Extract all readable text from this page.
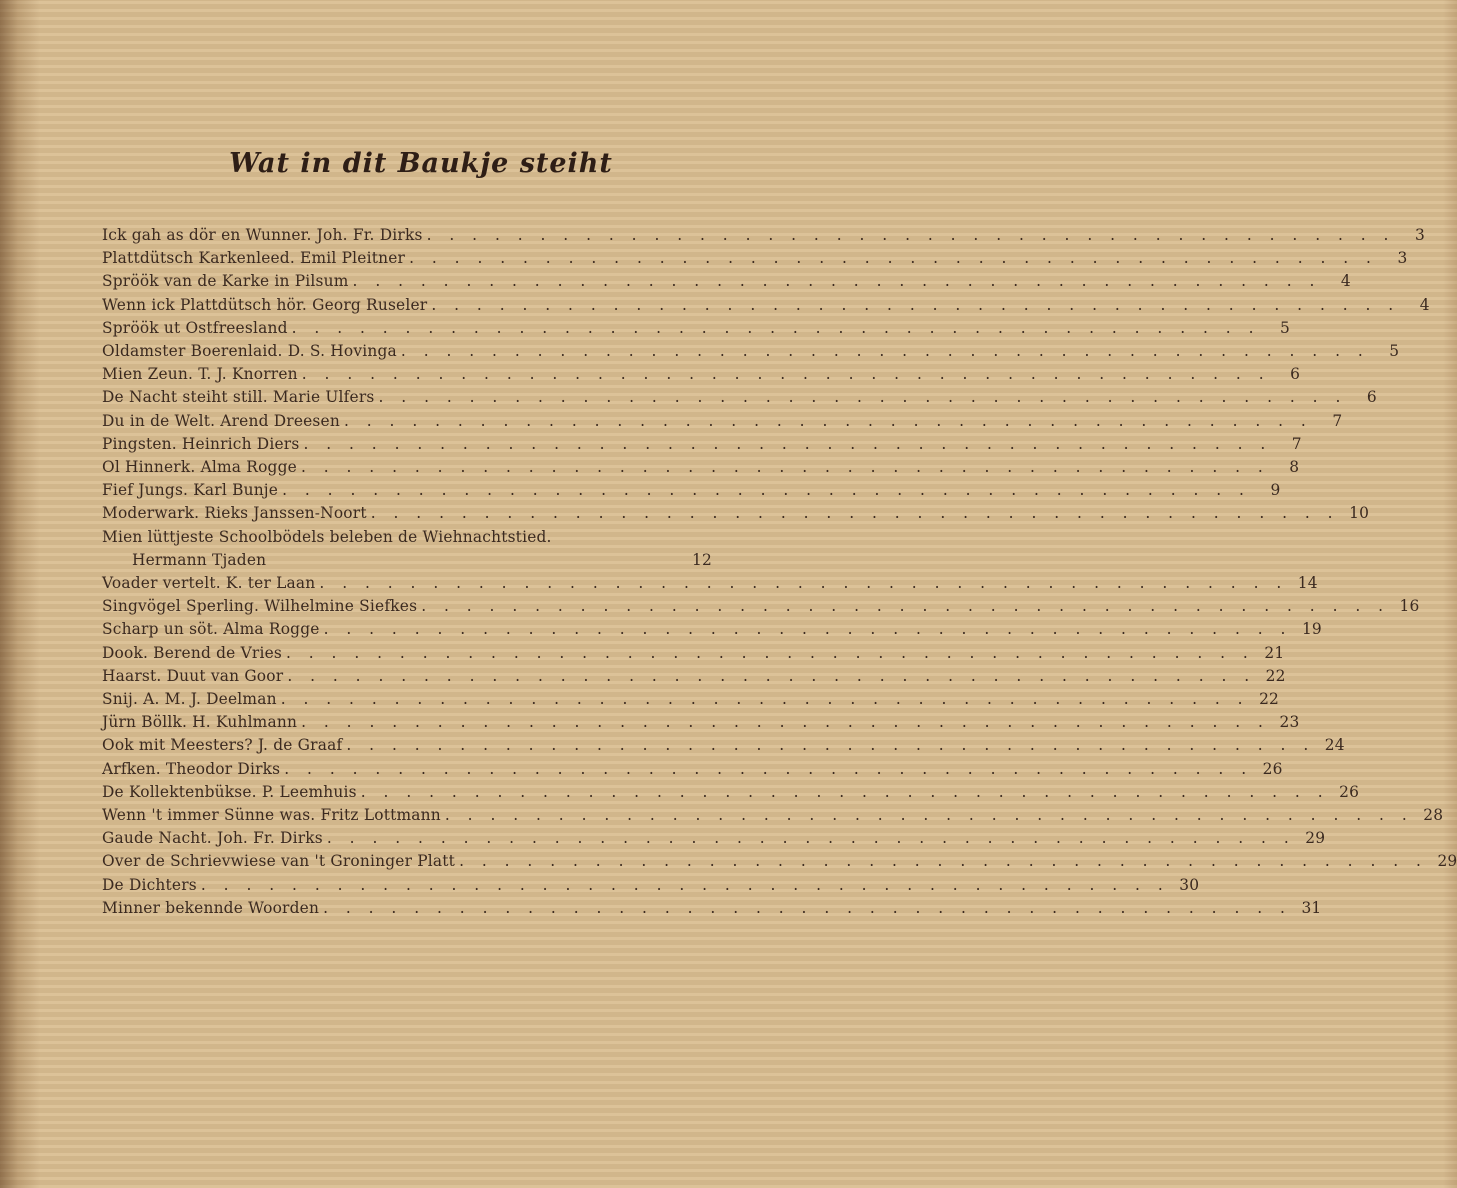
Wat in dit Baukje steiht
Ick gah as dör en Wunner. Joh. Fr. Dirks . . . . . . . . . . . . . . . . . . . . . . . . . . . . . . . . . . . . . . . . . . .	3
Plattdütsch Karkenleed. Emil Pleitner . . . . . . . . . . . . . . . . . . . . . . . . . . . . . . . . . . . . . . . . . . .	3
Spröök van de Karke in Pilsum . . . . . . . . . . . . . . . . . . . . . . . . . . . . . . . . . . . . . . . . . . .	4
Wenn ick Plattdütsch hör. Georg Ruseler . . . . . . . . . . . . . . . . . . . . . . . . . . . . . . . . . . . . . . . . . . .	4
Spröök ut Ostfreesland . . . . . . . . . . . . . . . . . . . . . . . . . . . . . . . . . . . . . . . . . . .	5
Oldamster Boerenlaid. D. S. Hovinga . . . . . . . . . . . . . . . . . . . . . . . . . . . . . . . . . . . . . . . . . . .	5
Mien Zeun. T. J. Knorren . . . . . . . . . . . . . . . . . . . . . . . . . . . . . . . . . . . . . . . . . . .	6
De Nacht steiht still. Marie Ulfers . . . . . . . . . . . . . . . . . . . . . . . . . . . . . . . . . . . . . . . . . . .	6
Du in de Welt. Arend Dreesen . . . . . . . . . . . . . . . . . . . . . . . . . . . . . . . . . . . . . . . . . . .	7
Pingsten. Heinrich Diers . . . . . . . . . . . . . . . . . . . . . . . . . . . . . . . . . . . . . . . . . . .	7
Ol Hinnerk. Alma Rogge . . . . . . . . . . . . . . . . . . . . . . . . . . . . . . . . . . . . . . . . . . .	8
Fief Jungs. Karl Bunje . . . . . . . . . . . . . . . . . . . . . . . . . . . . . . . . . . . . . . . . . . .	9
Moderwark. Rieks Janssen-Noort . . . . . . . . . . . . . . . . . . . . . . . . . . . . . . . . . . . . . . . . . . . 10
Mien lüttjeste Schoolbödels beleben de Wiehnachtstied.
Hermann Tjaden	12
Voader vertelt. K. ter Laan . . . . . . . . . . . . . . . . . . . . . . . . . . . . . . . . . . . . . . . . . . . 14
Singvögel Sperling. Wilhelmine Siefkes . . . . . . . . . . . . . . . . . . . . . . . . . . . . . . . . . . . . . . . . . . . 16
Scharp un söt. Alma Rogge . . . . . . . . . . . . . . . . . . . . . . . . . . . . . . . . . . . . . . . . . . . 19
Dook. Berend de Vries . . . . . . . . . . . . . . . . . . . . . . . . . . . . . . . . . . . . . . . . . . . 21
Haarst. Duut van Goor . . . . . . . . . . . . . . . . . . . . . . . . . . . . . . . . . . . . . . . . . . . 22
Snij. A. M. J. Deelman . . . . . . . . . . . . . . . . . . . . . . . . . . . . . . . . . . . . . . . . . . . 22
Jürn Böllk. H. Kuhlmann . . . . . . . . . . . . . . . . . . . . . . . . . . . . . . . . . . . . . . . . . . . 23
Ook mit Meesters? J. de Graaf . . . . . . . . . . . . . . . . . . . . . . . . . . . . . . . . . . . . . . . . . . . 24
Arfken. Theodor Dirks . . . . . . . . . . . . . . . . . . . . . . . . . . . . . . . . . . . . . . . . . . . 26
De Kollektenbükse. P. Leemhuis . . . . . . . . . . . . . . . . . . . . . . . . . . . . . . . . . . . . . . . . . . . 26
Wenn 't immer Sünne was. Fritz Lottmann . . . . . . . . . . . . . . . . . . . . . . . . . . . . . . . . . . . . . . . . . . . 28
Gaude Nacht. Joh. Fr. Dirks . . . . . . . . . . . . . . . . . . . . . . . . . . . . . . . . . . . . . . . . . . . 29
Over de Schrievwiese van 't Groninger Platt . . . . . . . . . . . . . . . . . . . . . . . . . . . . . . . . . . . . . . . . . . . 29
De Dichters . . . . . . . . . . . . . . . . . . . . . . . . . . . . . . . . . . . . . . . . . . . 30
Minner bekennde Woorden . . . . . . . . . . . . . . . . . . . . . . . . . . . . . . . . . . . . . . . . . . . 31
